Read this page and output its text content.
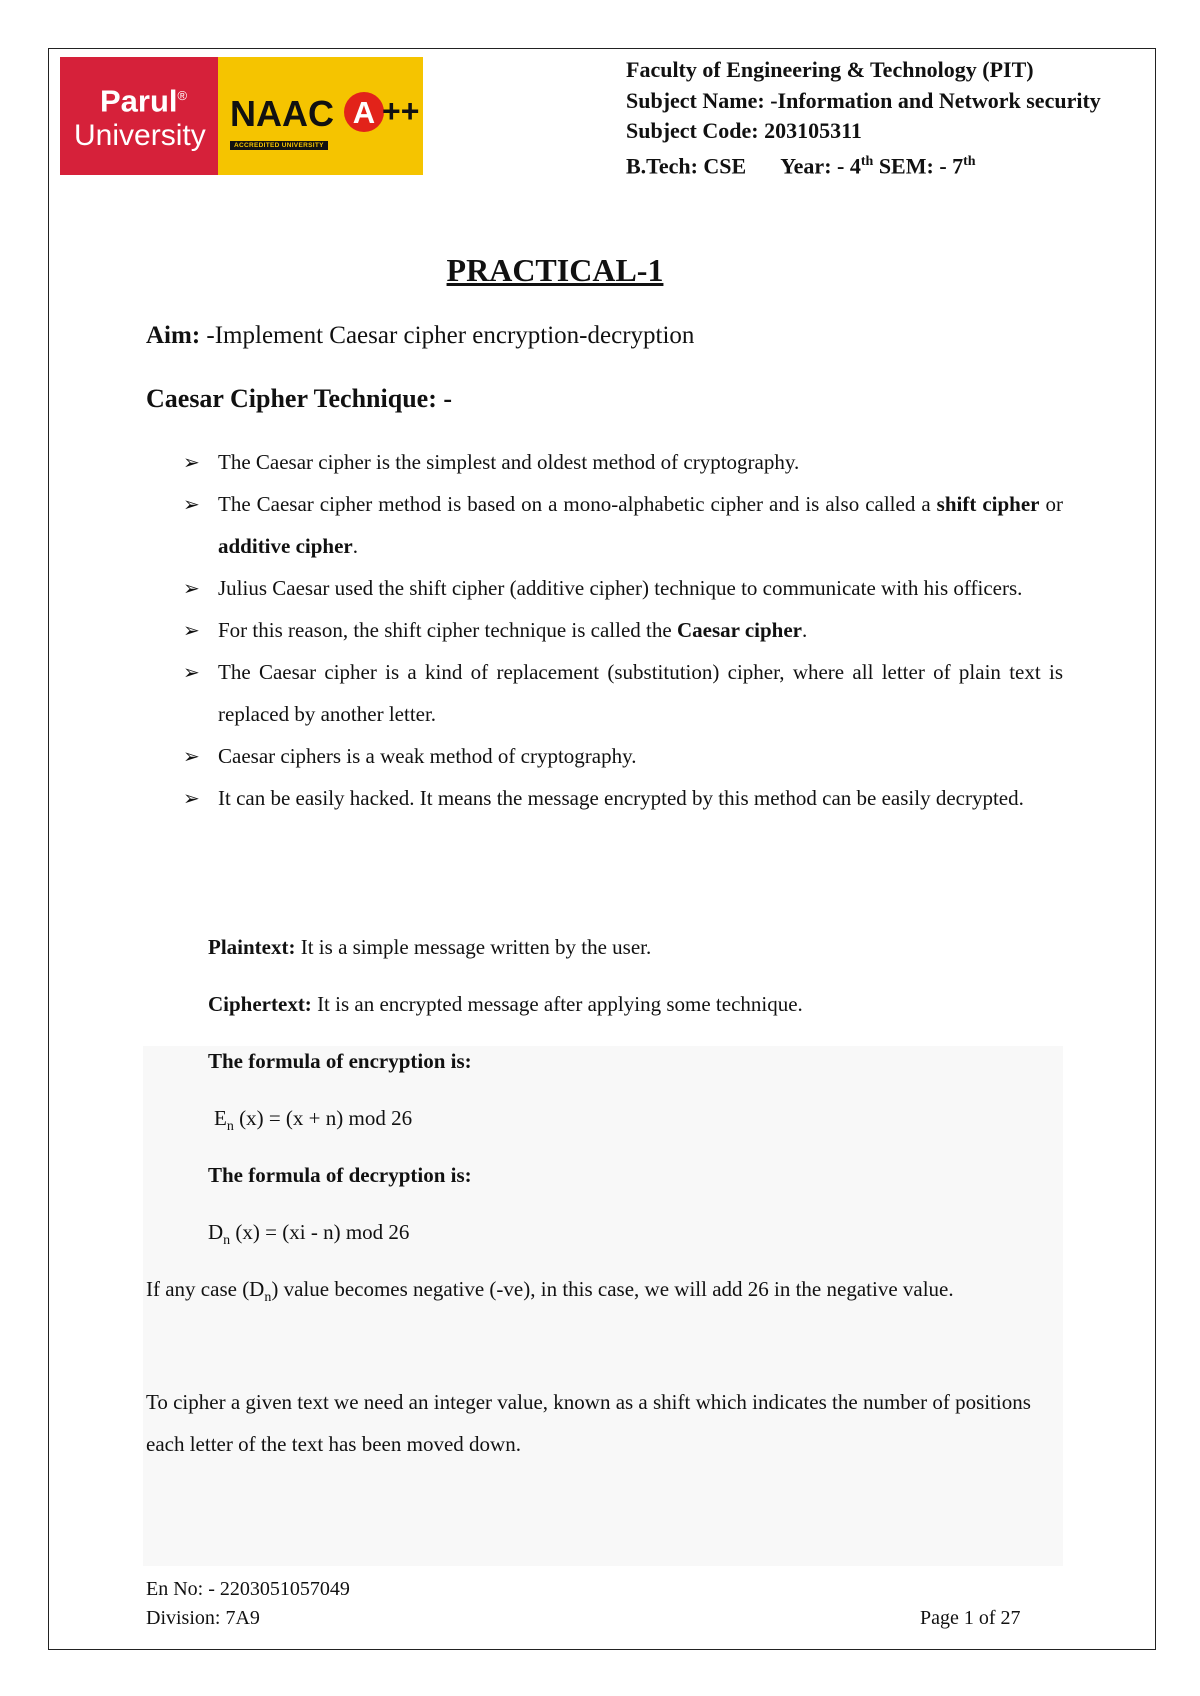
Parul®
University
NAAC A ++
ACCREDITED UNIVERSITY
Faculty of Engineering & Technology (PIT)
Subject Name: -Information and Network security
Subject Code: 203105311
B.Tech: CSE Year: - 4th SEM: - 7th
PRACTICAL-1
Aim: -Implement Caesar cipher encryption-decryption
Caesar Cipher Technique: -
➢ The Caesar cipher is the simplest and oldest method of cryptography.
➢ The Caesar cipher method is based on a mono-alphabetic cipher and is also called a shift cipher or additive cipher.
➢ Julius Caesar used the shift cipher (additive cipher) technique to communicate with his officers.
➢ For this reason, the shift cipher technique is called the Caesar cipher.
➢ The Caesar cipher is a kind of replacement (substitution) cipher, where all letter of plain text is replaced by another letter.
➢ Caesar ciphers is a weak method of cryptography.
➢ It can be easily hacked. It means the message encrypted by this method can be easily decrypted.
Plaintext: It is a simple message written by the user.
Ciphertext: It is an encrypted message after applying some technique.
The formula of encryption is:
$E_n$ (x) = (x + n) mod 26
The formula of decryption is:
$D_n$ (x) = (xi - n) mod 26
If any case $(D_n)$ value becomes negative (-ve), in this case, we will add 26 in the negative value.
To cipher a given text we need an integer value, known as a shift which indicates the number of positions each letter of the text has been moved down.
En No: - 2203051057049
Division: 7A9	Page 1 of 27
